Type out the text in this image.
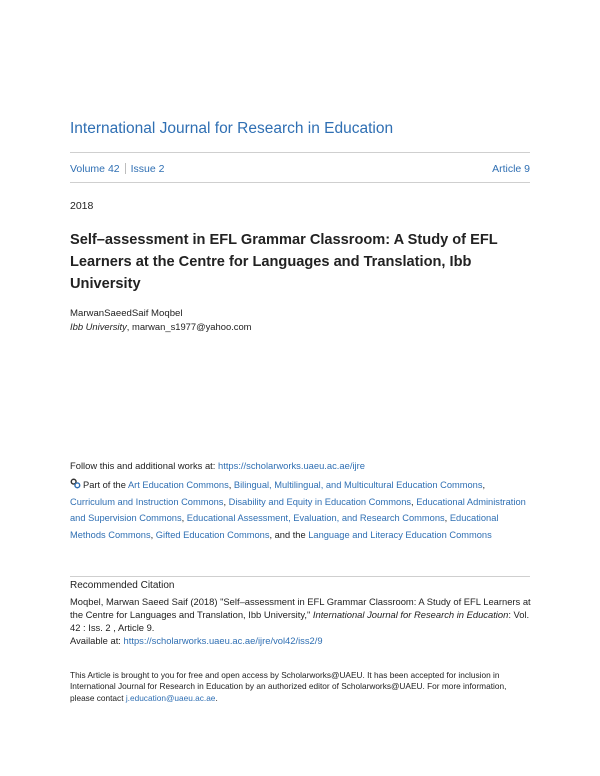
International Journal for Research in Education
Volume 42 Issue 2	Article 9
2018
Self–assessment in EFL Grammar Classroom: A Study of EFL Learners at the Centre for Languages and Translation, Ibb University
MarwanSaeedSaif Moqbel
Ibb University, marwan_s1977@yahoo.com
Follow this and additional works at: https://scholarworks.uaeu.ac.ae/ijre
Part of the Art Education Commons, Bilingual, Multilingual, and Multicultural Education Commons, Curriculum and Instruction Commons, Disability and Equity in Education Commons, Educational Administration and Supervision Commons, Educational Assessment, Evaluation, and Research Commons, Educational Methods Commons, Gifted Education Commons, and the Language and Literacy Education Commons
Recommended Citation
Moqbel, Marwan Saeed Saif (2018) "Self–assessment in EFL Grammar Classroom: A Study of EFL Learners at the Centre for Languages and Translation, Ibb University," International Journal for Research in Education: Vol. 42 : Iss. 2 , Article 9.
Available at: https://scholarworks.uaeu.ac.ae/ijre/vol42/iss2/9
This Article is brought to you for free and open access by Scholarworks@UAEU. It has been accepted for inclusion in International Journal for Research in Education by an authorized editor of Scholarworks@UAEU. For more information, please contact j.education@uaeu.ac.ae.
